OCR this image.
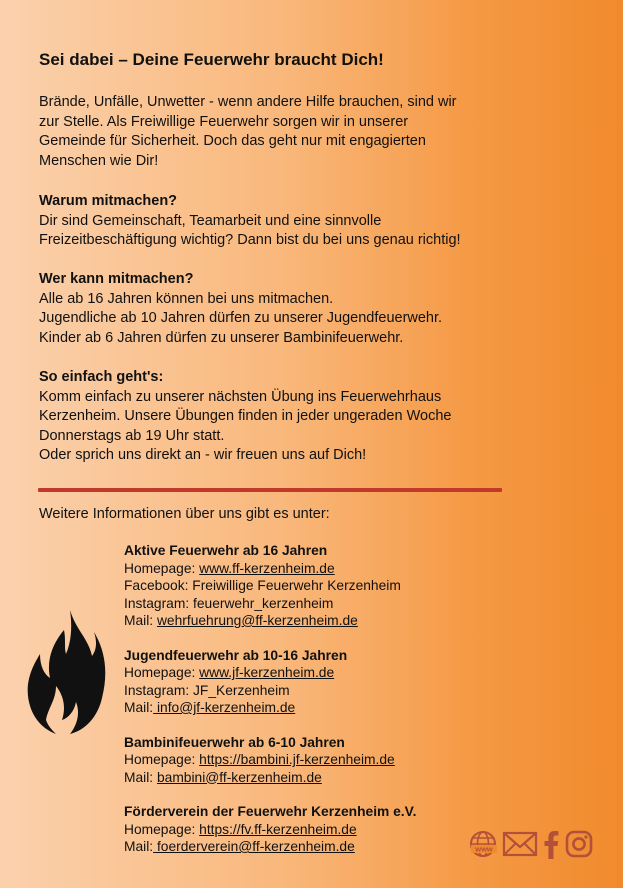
Sei dabei – Deine Feuerwehr braucht Dich!
Brände, Unfälle, Unwetter - wenn andere Hilfe brauchen, sind wir
zur Stelle. Als Freiwillige Feuerwehr sorgen wir in unserer
Gemeinde für Sicherheit. Doch das geht nur mit engagierten
Menschen wie Dir!
Warum mitmachen?

Dir sind Gemeinschaft, Teamarbeit und eine sinnvolle

Freizeitbeschäftigung wichtig? Dann bist du bei uns genau richtig!

Wer kann mitmachen?

Alle ab 16 Jahren können bei uns mitmachen.

Jugendliche ab 10 Jahren dürfen zu unserer Jugendfeuerwehr.

Kinder ab 6 Jahren dürfen zu unserer Bambinifeuerwehr.

So einfach geht's:

Komm einfach zu unserer nächsten Übung ins Feuerwehrhaus

Kerzenheim. Unsere Übungen finden in jeder ungeraden Woche

Donnerstags ab 19 Uhr statt.

Oder sprich uns direkt an - wir freuen uns auf Dich!

Weitere Informationen über uns gibt es unter:

Aktive Feuerwehr ab 16 Jahren
Homepage: www.ff-kerzenheim.de
Facebook: Freiwillige Feuerwehr Kerzenheim
Instagram: feuerwehr_kerzenheim
Mail: wehrfuehrung@ff-kerzenheim.de
Jugendfeuerwehr ab 10-16 Jahren
Homepage: www.jf-kerzenheim.de
Instagram: JF_Kerzenheim
Mail: info@jf-kerzenheim.de
Bambinifeuerwehr ab 6-10 Jahren
Homepage: https://bambini.jf-kerzenheim.de
Mail: bambini@ff-kerzenheim.de
Förderverein der Feuerwehr Kerzenheim e.V.
Homepage: https://fv.ff-kerzenheim.de
Mail: foerderverein@ff-kerzenheim.de	www
